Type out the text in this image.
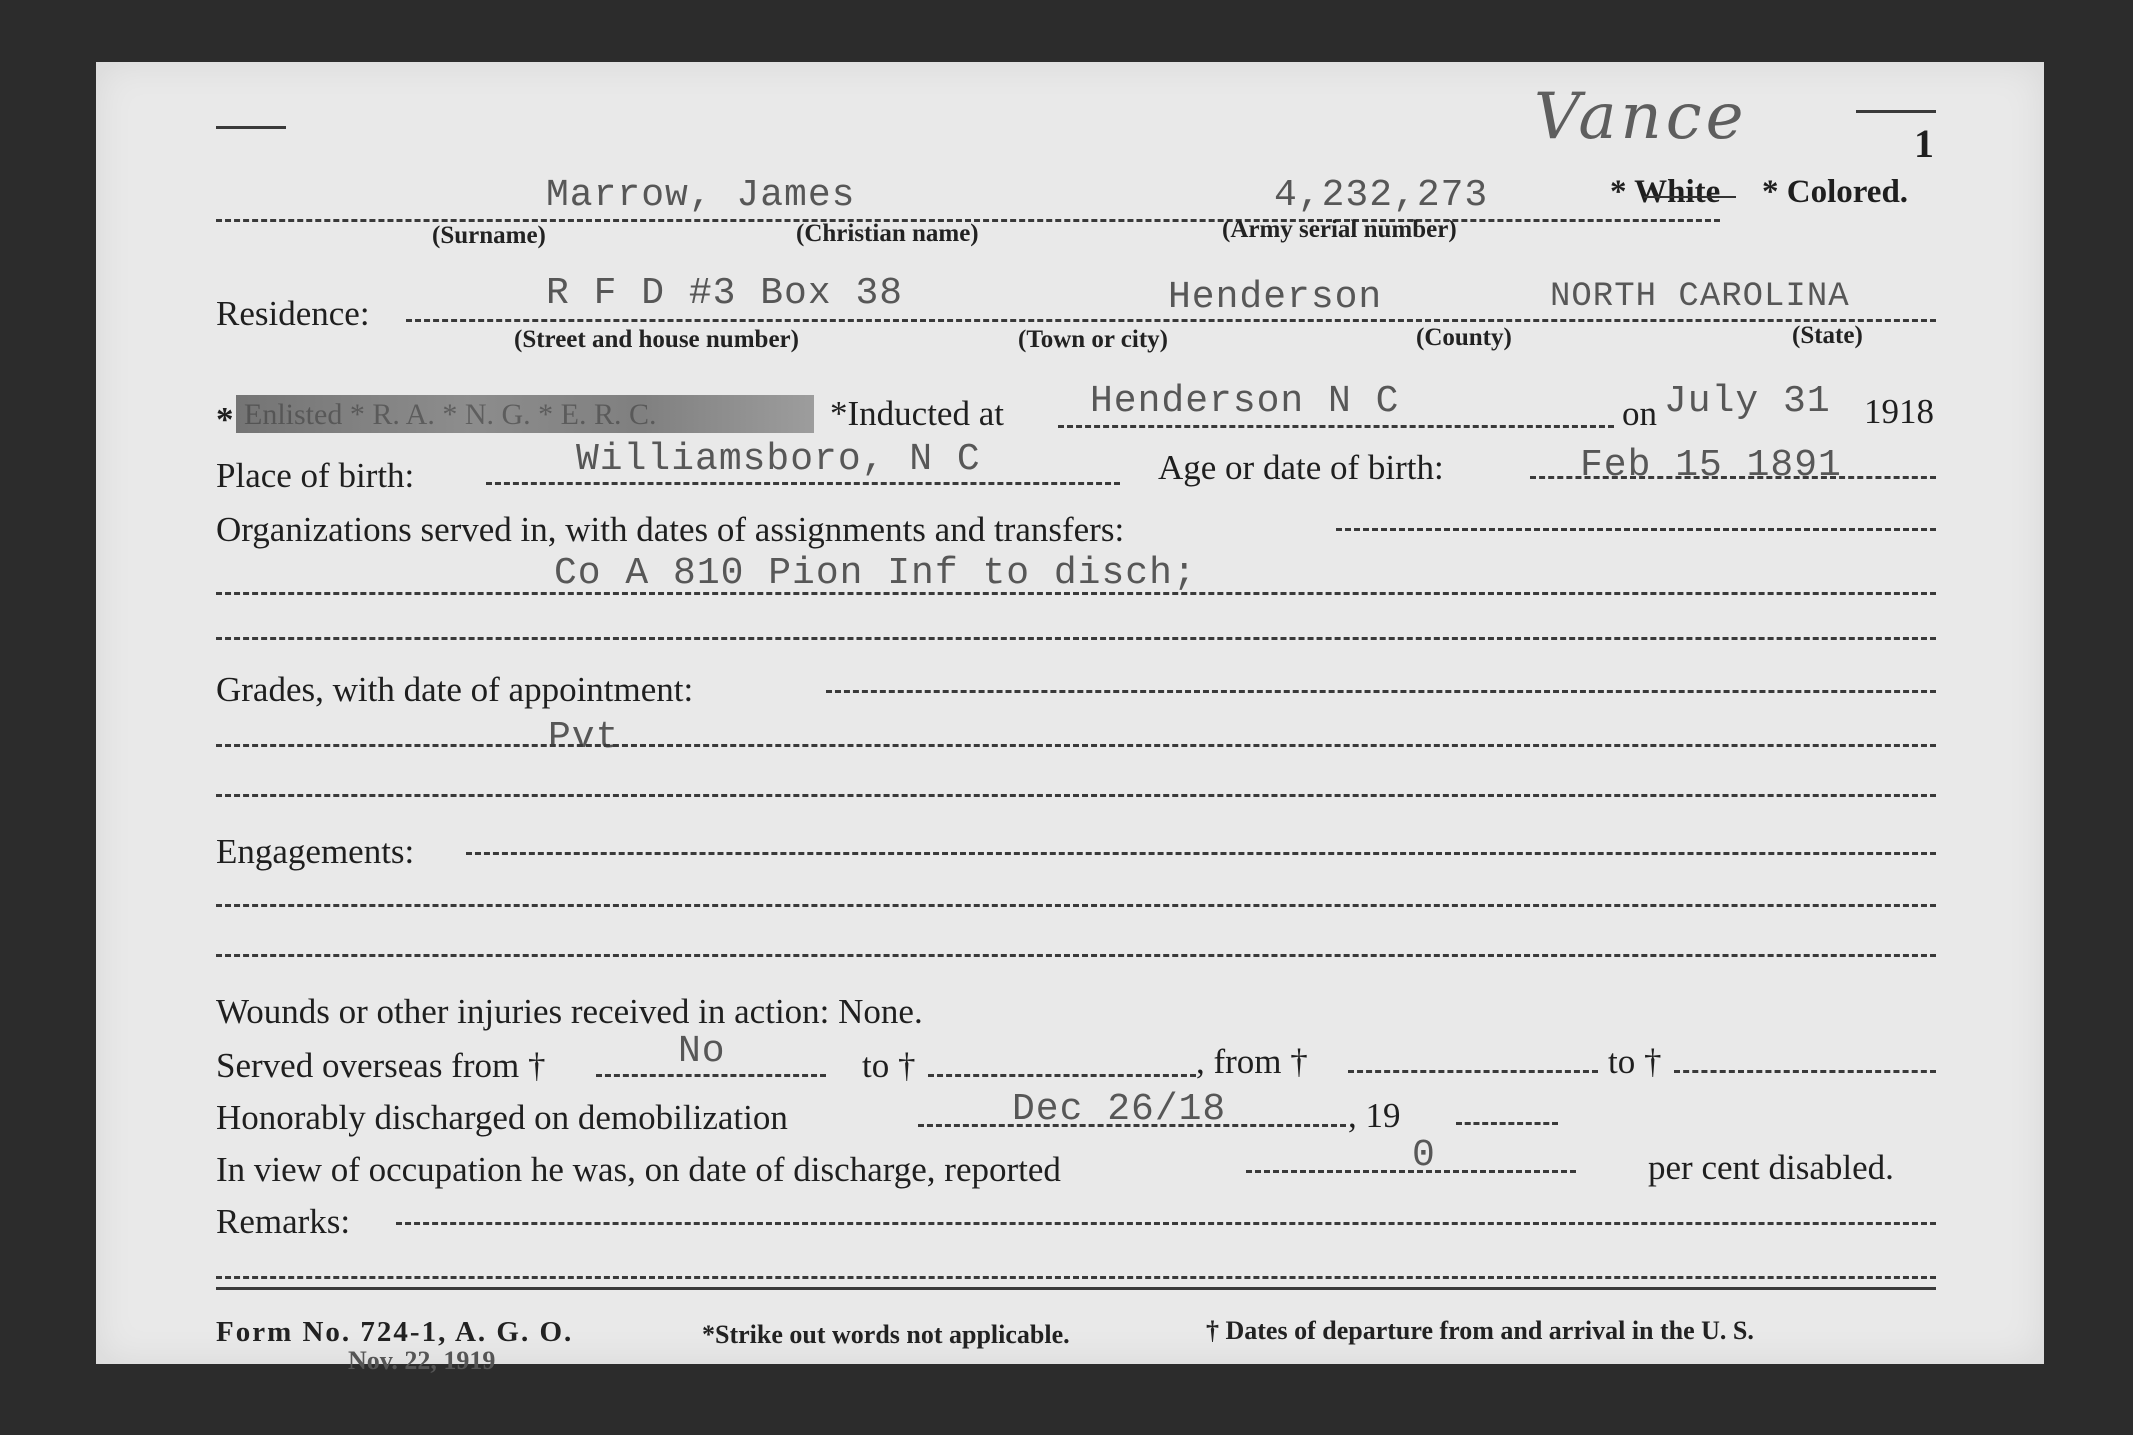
Vance	1
Marrow, James	4,232,273	* White * Colored.
(Surname)	(Christian name)	(Army serial number)
Residence:	R F D #3 Box 38	Henderson	NORTH CAROLINA
(Street and house number)	(Town or city)	(County)	(State)
* Enlisted * R. A. * N. G. * E. R. C.	*Inducted at Henderson N C	on July 31 1918
Place of birth:	Williamsboro, N C	Age or date of birth:	Feb 15 1891
Organizations served in, with dates of assignments and transfers:
Co A 810 Pion Inf to disch;
Grades, with date of appointment:
Pvt
Engagements:
Wounds or other injuries received in action: None.
Served overseas from †	No	to †	, from †	to †
Honorably discharged on demobilization	Dec 26/18	, 19
In view of occupation he was, on date of discharge, reported	0	per cent disabled.
Remarks:
Form No. 724-1, A. G. O.
Nov. 22, 1919
*Strike out words not applicable.	† Dates of departure from and arrival in the U. S.
